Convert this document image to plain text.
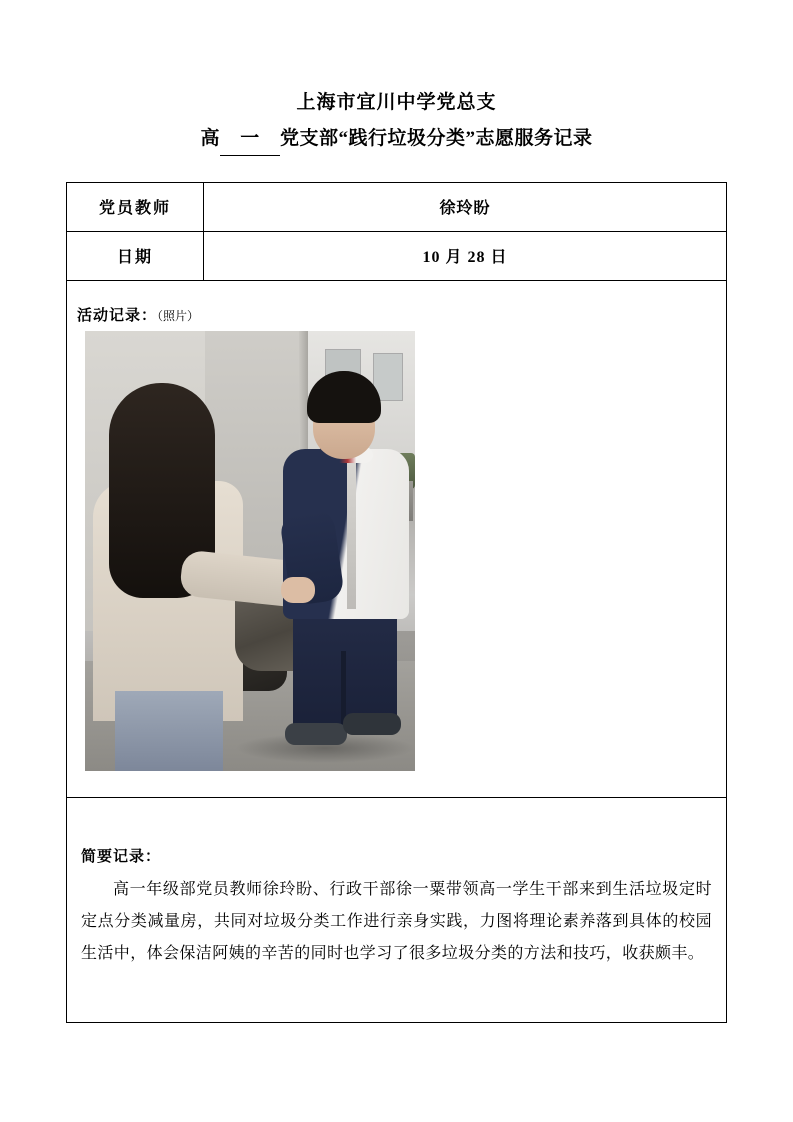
上海市宜川中学党总支
高 一 党支部“践行垃圾分类”志愿服务记录
党员教师	徐玲盼
日期	10 月 28 日

活动记录：（照片）	

简要记录：
高一年级部党员教师徐玲盼、行政干部徐一粟带领高一学生干部来到生活垃圾定时定点分类减量房，共同对垃圾分类工作进行亲身实践，力图将理论素养落到具体的校园生活中，体会保洁阿姨的辛苦的同时也学习了很多垃圾分类的方法和技巧，收获颇丰。	
